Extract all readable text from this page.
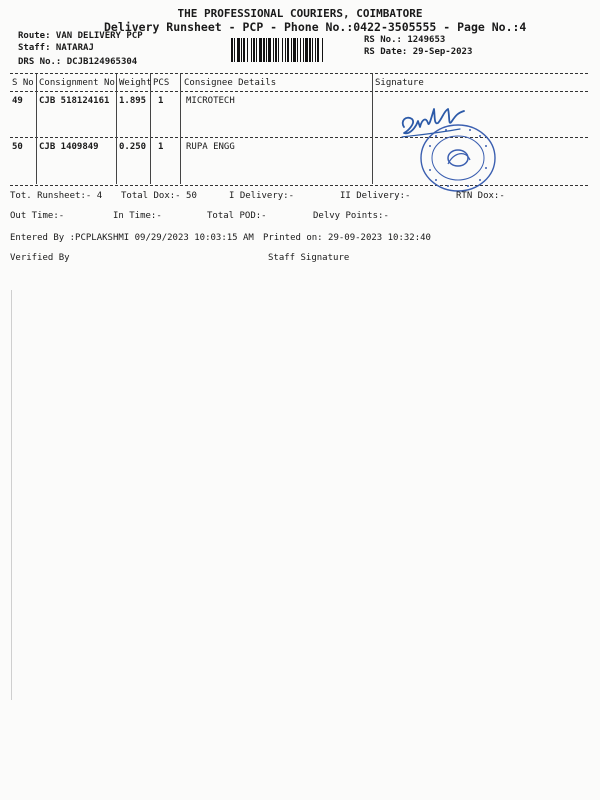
THE PROFESSIONAL COURIERS, COIMBATORE
Delivery Runsheet - PCP - Phone No.:0422-3505555 - Page No.:4
Route: VAN DELIVERY PCP
Staff: NATARAJ
DRS No.: DCJB124965304
RS No.: 1249653
RS Date: 29-Sep-2023
S No Consignment No Weight PCS Consignee Details	Signature
49 CJB 518124161 1.895 1	MICROTECH
50 CJB 1409849 0.250 1	RUPA ENGG
Tot. Runsheet:- 4 Total Dox:- 50	I Delivery:-	II Delivery:-	RTN Dox:-
Out Time:-	In Time:-	Total POD:-	Delvy Points:-
Entered By :PCPLAKSHMI 09/29/2023 10:03:15 AM Printed on: 29-09-2023 10:32:40
Verified By	Staff Signature
